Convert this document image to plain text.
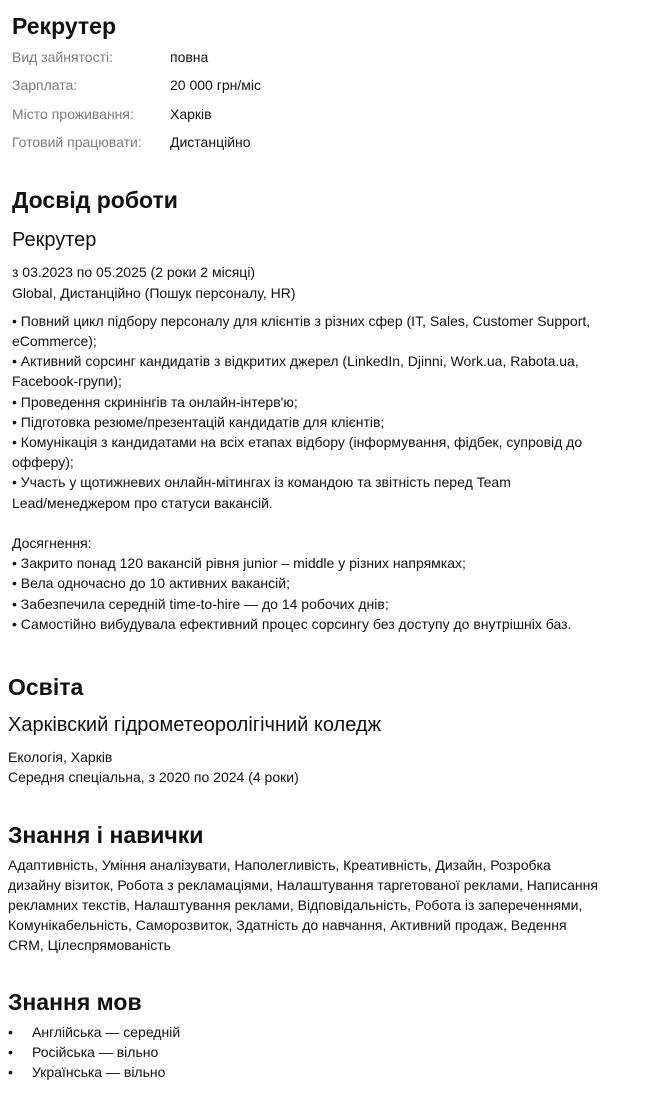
Рекрутер
Вид зайнятості:	повна
Зарплата:	20 000 грн/міс
Місто проживання:	Харків
Готовий працювати: Дистанційно
Досвід роботи
Рекрутер
з 03.2023 по 05.2025 (2 роки 2 місяці)
Global, Дистанційно (Пошук персоналу, HR)
• Повний цикл підбору персоналу для клієнтів з різних сфер (IT, Sales, Customer Support,
eCommerce);
• Активний сорсинг кандидатів з відкритих джерел (LinkedIn, Djinni, Work.ua, Rabota.ua,
Facebook-групи);
• Проведення скринінгів та онлайн-інтерв'ю;
• Підготовка резюме/презентацій кандидатів для клієнтів;
• Комунікація з кандидатами на всіх етапах відбору (інформування, фідбек, супровід до
офферу);
• Участь у щотижневих онлайн-мітингах із командою та звітність перед Team
Lead/менеджером про статуси вакансій.
Досягнення:
• Закрито понад 120 вакансій рівня junior – middle у різних напрямках;
• Вела одночасно до 10 активних вакансій;
• Забезпечила середній time-to-hire — до 14 робочих днів;
• Самостійно вибудувала ефективний процес сорсингу без доступу до внутрішніх баз.
Освіта
Харківский гідрометеоролігічний коледж
Екологія, Харків
Середня спеціальна, з 2020 по 2024 (4 роки)
Знання і навички
Адаптивність, Уміння аналізувати, Наполегливість, Креативність, Дизайн, Розробка
дизайну візиток, Робота з рекламаціями, Налаштування таргетованої реклами, Написання
рекламних текстів, Налаштування реклами, Відповідальність, Робота із запереченнями,
Комунікабельність, Саморозвиток, Здатність до навчання, Активний продаж, Ведення
CRM, Цілеспрямованість
Знання мов
•	Англійська — середній
•	Російська — вільно
•	Українська — вільно
